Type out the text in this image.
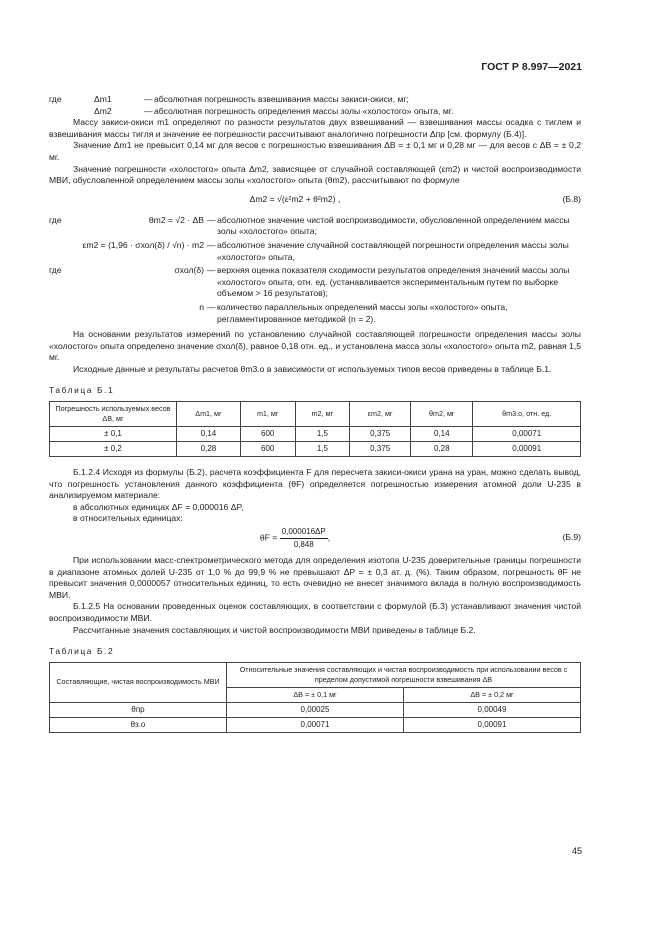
ГОСТ Р 8.997—2021
где	Δm1	— абсолютная погрешность взвешивания массы закиси-окиси, мг;
Δm2	— абсолютная погрешность определения массы золы «холостого» опыта, мг.

Массу закиси-окиси m1 определяют по разности результатов двух взвешиваний — взвешивания массы осадка с тиглем и взвешивания массы тигля и значение ее погрешности рассчитывают аналогично погрешности Δпр [см. формулу (Б.4)].

Значение Δm1 не превысит 0,14 мг для весов с погрешностью взвешивания ΔВ = ± 0,1 мг и 0,28 мг — для весов с ΔВ = ± 0,2 мг.

Значение погрешности «холостого» опыта Δm2, зависящее от случайной составляющей (εm2) и чистой воспроизводимости МВИ, обусловленной определением массы золы «холостого» опыта (θm2), рассчитывают по формуле

Δm2 = √(ε²m2 + θ²m2) ,	(Б.8)
где	θm2 = √2 · ΔВ — абсолютное значение чистой воспроизводимости, обусловленной определением массы золы «холостого» опыта;
εm2 = (1,96 · σхол(δ) / √n) · m2 — абсолютное значение случайной составляющей погрешности определения массы золы «холостого» опыта,
где	σхол(δ) — верхняя оценка показателя сходимости результатов определения значений массы золы «холостого» опыта, отн. ед. (устанавливается экспериментальным путем по выборке объемом > 16 результатов);
n — количество параллельных определений массы золы «холостого» опыта, регламентированное методикой (n = 2).

На основании результатов измерений по установлению случайной составляющей погрешности определения массы золы «холостого» опыта определено значение σхол(δ), равное 0,18 отн. ед., и установлена масса золы «холостого» опыта m2, равная 1,5 мг.

Исходные данные и результаты расчетов θm3.о в зависимости от используемых типов весов приведены в таблице Б.1.

Таблица Б.1
Погрешность используемых весов ΔВ, мг	Δm1, мг	m1, мг	m2, мг	εm2, мг	θm2, мг	θm3.о, отн. ед.
± 0,1	0,14	600	1,5	0,375	0,14	0,00071
± 0,2	0,28	600	1,5	0,375	0,28	0,00091

Б.1.2.4 Исходя из формулы (Б.2), расчета коэффициента F для пересчета закиси-окиси урана на уран, можно сделать вывод, что погрешность установления данного коэффициента (θF) определяется погрешностью измерения атомной доли U-235 в анализируемом материале:

в абсолютных единицах ΔF = 0,000016 ΔP,

в относительных единицах:

$\theta F = \frac{0,000016\Delta P}{0,848}$ ,	(Б.9)

При использовании масс-спектрометрического метода для определения изотопа U-235 доверительные границы погрешности в диапазоне атомных долей U-235 от 1,0 % до 99,9 % не превышают ΔP = ± 0,3 ат. д. (%). Таким образом, погрешность θF не превысит значения 0,0000057 относительных единиц, то есть очевидно не внесет значимого вклада в полную воспроизводимость МВИ.

Б.1.2.5 На основании проведенных оценок составляющих, в соответствии с формулой (Б.3) устанавливают значения чистой воспроизводимости МВИ.

Рассчитанные значения составляющих и чистой воспроизводимости МВИ приведены в таблице Б.2.

Таблица Б.2
Составляющие, чистая воспроизводимость МВИ	Относительные значения составляющих и чистая воспроизводимость при использовании весов с пределом допустимой погрешности взвешивания ΔВ	
	ΔВ = ± 0,1 мг	ΔВ = ± 0,2 мг
θпр	0,00025	0,00049
θз.о	0,00071	0,00091
45
